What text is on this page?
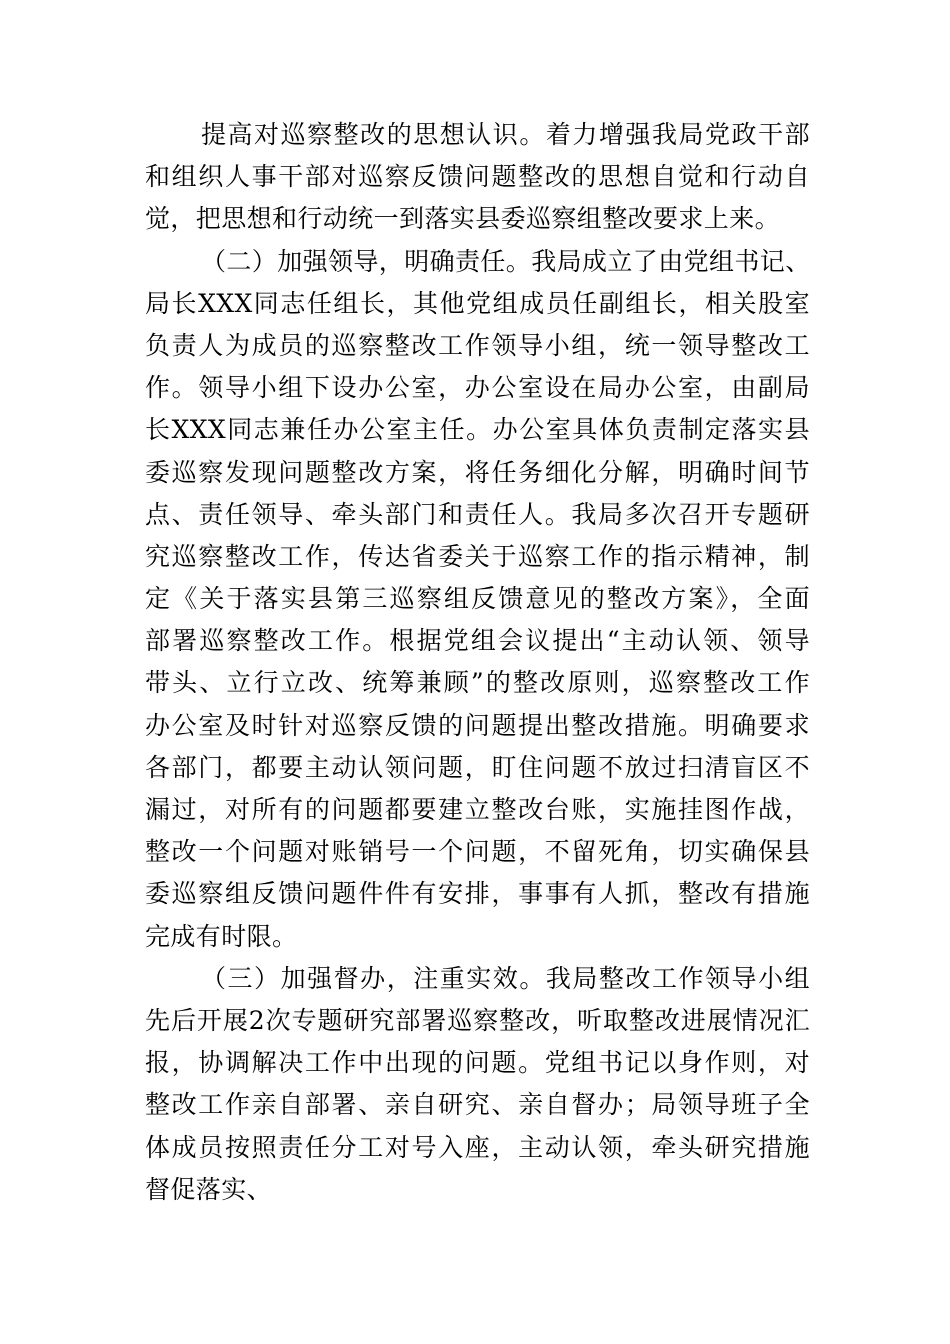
提高对巡察整改的思想认识。着力增强我局党政干部
和组织人事干部对巡察反馈问题整改的思想自觉和行动自
觉，把思想和行动统一到落实县委巡察组整改要求上来。
（二）加强领导，明确责任。我局成立了由党组书记、
局长XXX同志任组长，其他党组成员任副组长，相关股室
负责人为成员的巡察整改工作领导小组，统一领导整改工
作。领导小组下设办公室，办公室设在局办公室，由副局
长XXX同志兼任办公室主任。办公室具体负责制定落实县
委巡察发现问题整改方案，将任务细化分解，明确时间节
点、责任领导、牵头部门和责任人。我局多次召开专题研
究巡察整改工作，传达省委关于巡察工作的指示精神，制
定《关于落实县第三巡察组反馈意见的整改方案》，全面
部署巡察整改工作。根据党组会议提出“主动认领、领导
带头、立行立改、统筹兼顾”的整改原则，巡察整改工作
办公室及时针对巡察反馈的问题提出整改措施。明确要求
各部门，都要主动认领问题，盯住问题不放过扫清盲区不
漏过，对所有的问题都要建立整改台账，实施挂图作战，
整改一个问题对账销号一个问题，不留死角，切实确保县
委巡察组反馈问题件件有安排，事事有人抓，整改有措施
完成有时限。
（三）加强督办，注重实效。我局整改工作领导小组
先后开展2次专题研究部署巡察整改，听取整改进展情况汇
报，协调解决工作中出现的问题。党组书记以身作则，对
整改工作亲自部署、亲自研究、亲自督办；局领导班子全
体成员按照责任分工对号入座，主动认领，牵头研究措施
督促落实、
